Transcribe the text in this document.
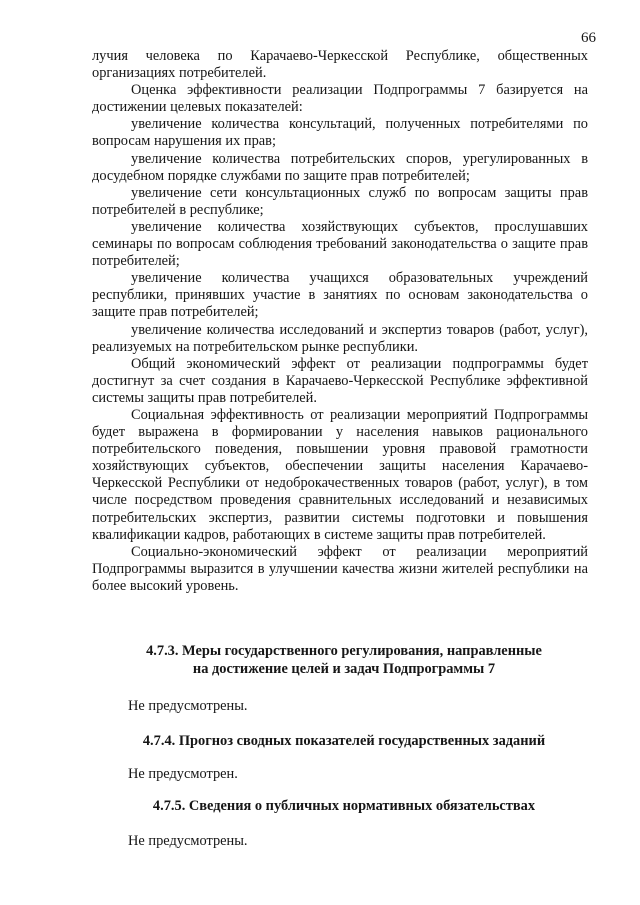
66

лучия человека по Карачаево-Черкесской Республике, общественных организациях потребителей.

Оценка эффективности реализации Подпрограммы 7 базируется на достижении целевых показателей:

увеличение количества консультаций, полученных потребителями по вопросам нарушения их прав;

увеличение количества потребительских споров, урегулированных в досудебном порядке службами по защите прав потребителей;

увеличение сети консультационных служб по вопросам защиты прав потребителей в республике;

увеличение количества хозяйствующих субъектов, прослушавших семинары по вопросам соблюдения требований законодательства о защите прав потребителей;

увеличение количества учащихся образовательных учреждений республики, принявших участие в занятиях по основам законодательства о защите прав потребителей;

увеличение количества исследований и экспертиз товаров (работ, услуг), реализуемых на потребительском рынке республики.

Общий экономический эффект от реализации подпрограммы будет достигнут за счет создания в Карачаево-Черкесской Республике эффективной системы защиты прав потребителей.

Социальная эффективность от реализации мероприятий Подпрограммы будет выражена в формировании у населения навыков рационального потребительского поведения, повышении уровня правовой грамотности хозяйствующих субъектов, обеспечении защиты населения Карачаево-Черкесской Республики от недоброкачественных товаров (работ, услуг), в том числе посредством проведения сравнительных исследований и независимых потребительских экспертиз, развитии системы подготовки и повышения квалификации кадров, работающих в системе защиты прав потребителей.

Социально-экономический эффект от реализации мероприятий Подпрограммы выразится в улучшении качества жизни жителей республики на более высокий уровень.

4.7.3. Меры государственного регулирования, направленные
на достижение целей и задач Подпрограммы 7
Не предусмотрены.
4.7.4. Прогноз сводных показателей государственных заданий
Не предусмотрен.
4.7.5. Сведения о публичных нормативных обязательствах
Не предусмотрены.
